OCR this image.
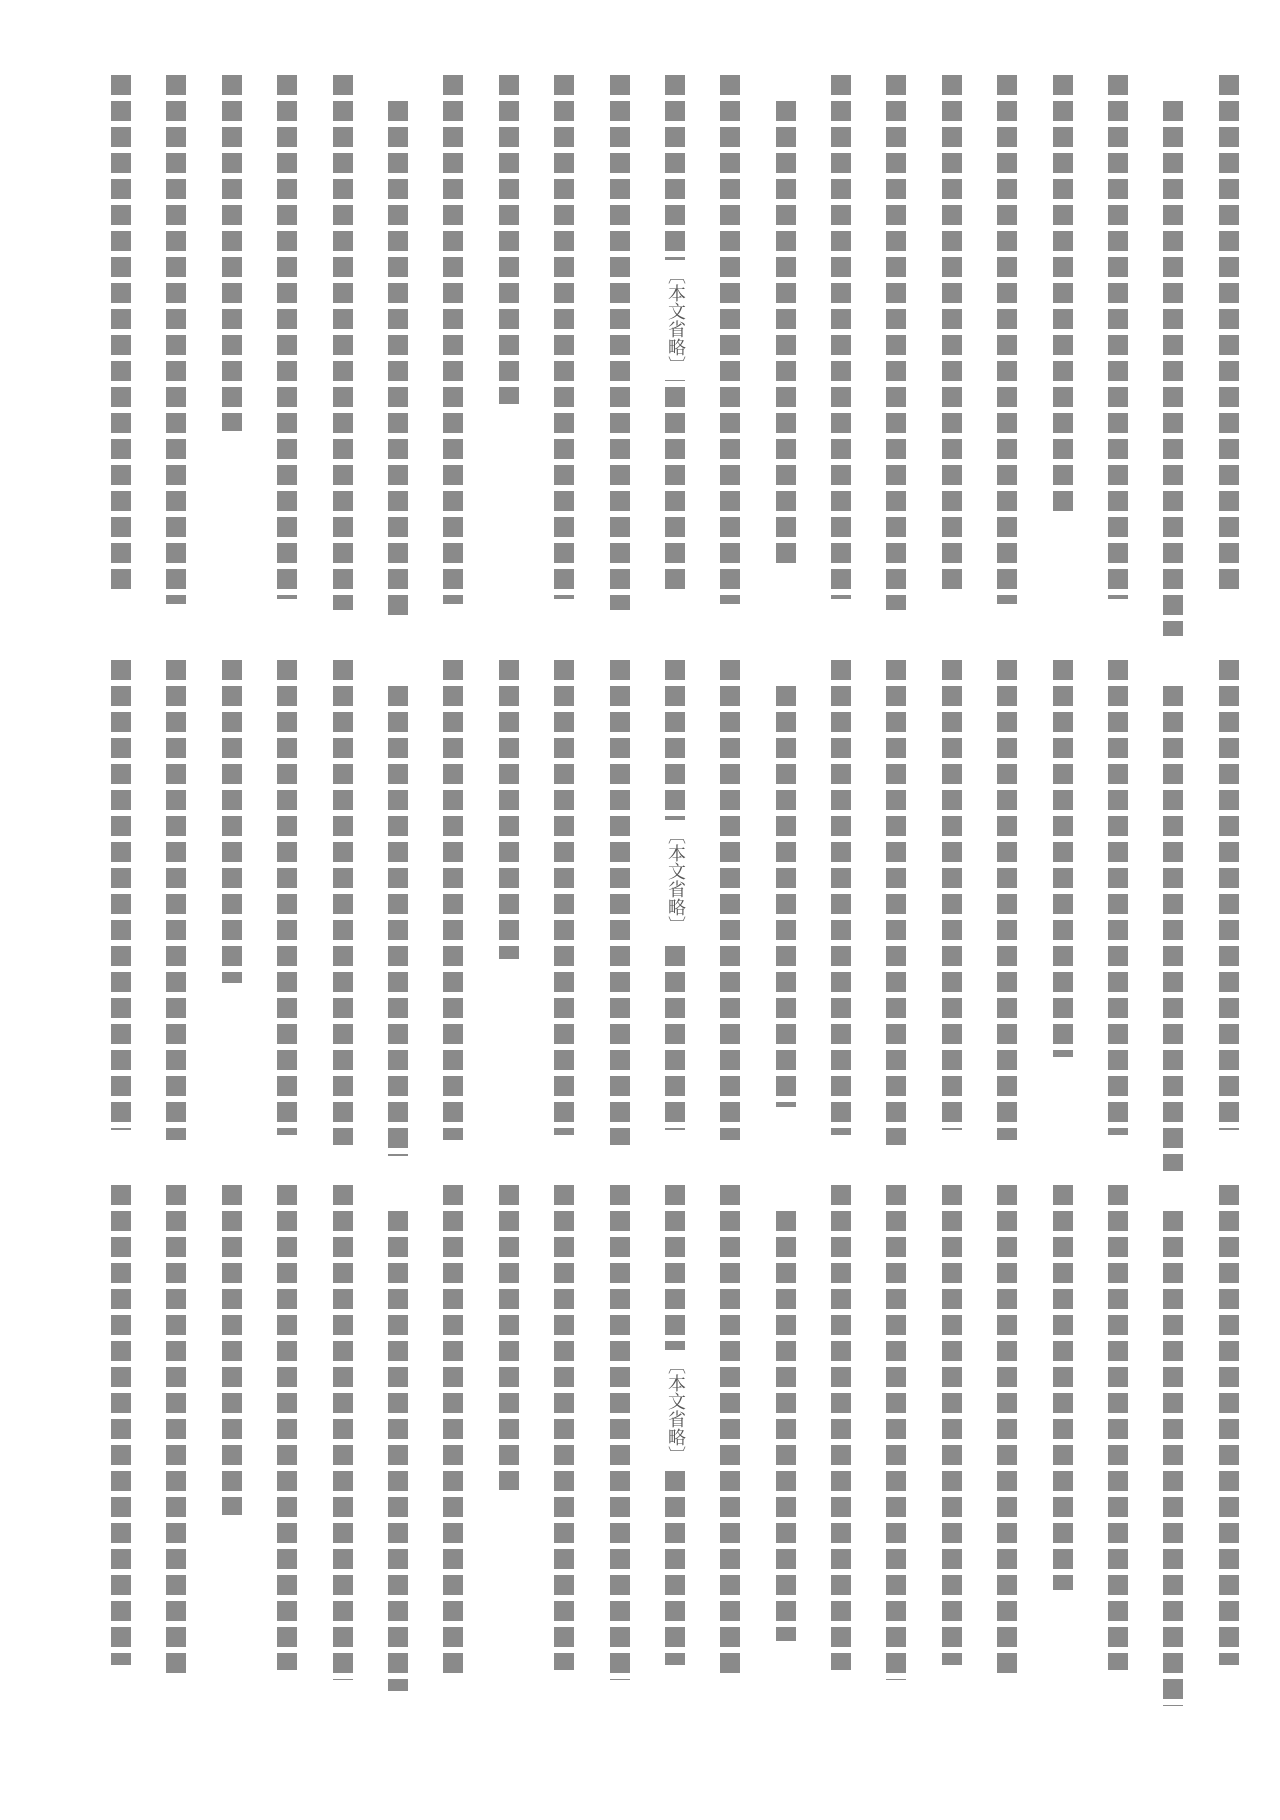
〔本文省略〕
〔本文省略〕
〔本文省略〕
